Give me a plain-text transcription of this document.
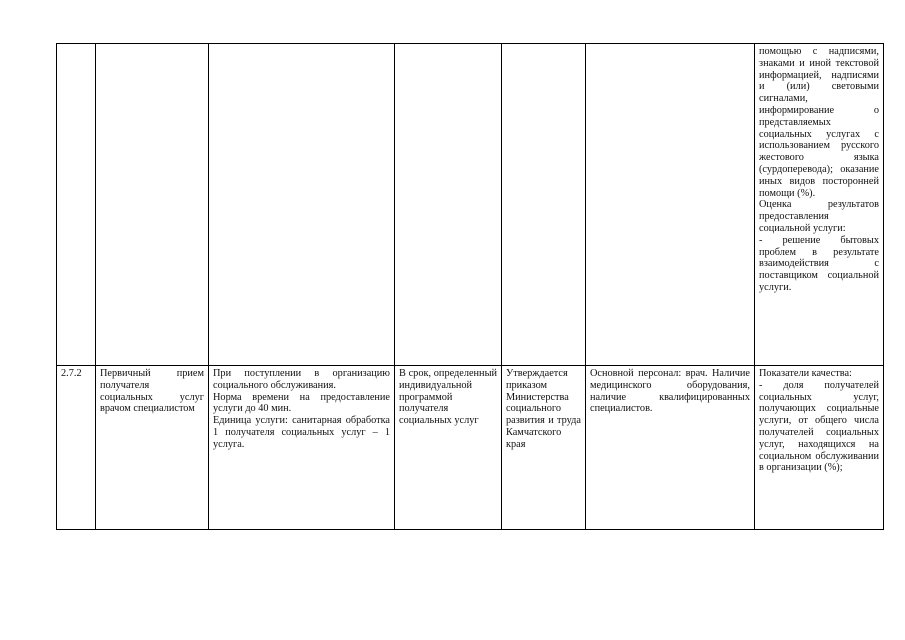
						помощью с надписями, знаками и иной текстовой информацией, надписями и (или) световыми сигналами, информирование о представляемых социальных услугах с использованием русского жестового языка (сурдоперевода); оказание иных видов посторонней помощи (%).
Оценка результатов предоставления социальной услуги:
- решение бытовых проблем в результате взаимодействия с поставщиком социальной услуги.

2.7.2	Первичный прием получателя социальных услуг врачом специалистом	При поступлении в организацию социального обслуживания.
Норма времени на предоставление услуги до 40 мин.
Единица услуги: санитарная обработка 1 получателя социальных услуг – 1 услуга.	В срок, определенный индивидуальной программой получателя социальных услуг	Утверждается приказом Министерства социального развития и труда Камчатского края	Основной персонал: врач. Наличие медицинского оборудования, наличие квалифицированных специалистов.	Показатели качества:
- доля получателей социальных услуг, получающих социальные услуги, от общего числа получателей социальных услуг, находящихся на социальном обслуживании в организации (%);
